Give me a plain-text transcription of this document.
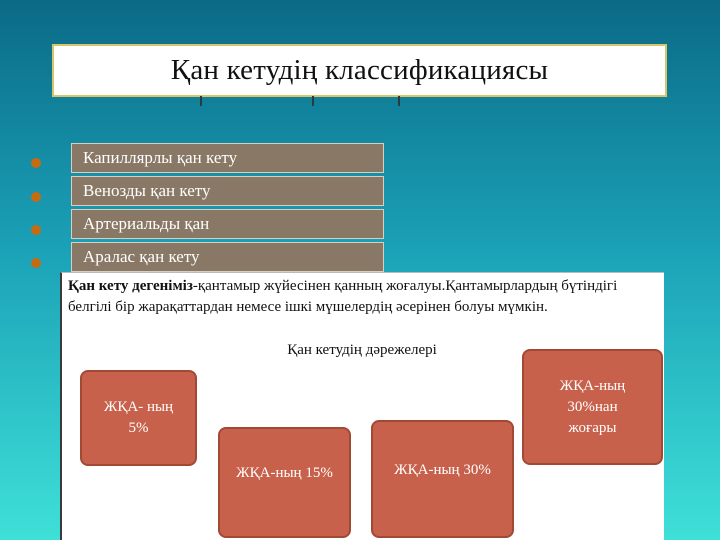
Қан кетудің классификациясы
Капиллярлы қан кету
Венозды қан кету
Артериальды қан
Аралас қан кету
Қан кету дегеніміз-қантамыр жүйесінен қанның жоғалуы.Қантамырлардың бүтіндігі белгілі бір жарақаттардан немесе ішкі мүшелердің әсерінен болуы мүмкін.
Қан кетудің дәрежелері
ЖҚА- ның 5%
ЖҚА-ның 15%	ЖҚА-ның 30%
ЖҚА-ның 30%нан жоғары
